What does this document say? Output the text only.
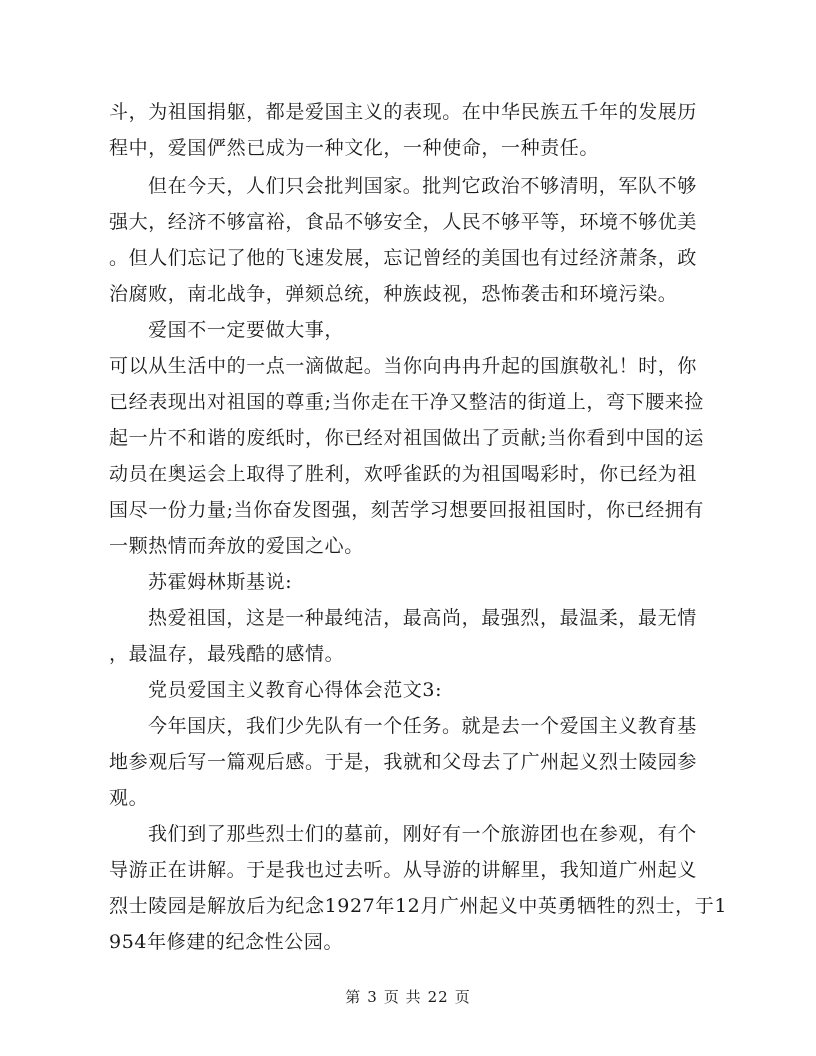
斗，为祖国捐躯，都是爱国主义的表现。在中华民族五千年的发展历
程中，爱国俨然已成为一种文化，一种使命，一种责任。
但在今天，人们只会批判国家。批判它政治不够清明，军队不够
强大，经济不够富裕，食品不够安全，人民不够平等，环境不够优美
。但人们忘记了他的飞速发展，忘记曾经的美国也有过经济萧条，政
治腐败，南北战争，弹颏总统，种族歧视，恐怖袭击和环境污染。
爱国不一定要做大事，
可以从生活中的一点一滴做起。当你向冉冉升起的国旗敬礼！时，你
已经表现出对祖国的尊重;当你走在干净又整洁的街道上，弯下腰来捡
起一片不和谐的废纸时，你已经对祖国做出了贡献;当你看到中国的运
动员在奥运会上取得了胜利，欢呼雀跃的为祖国喝彩时，你已经为祖
国尽一份力量;当你奋发图强，刻苦学习想要回报祖国时，你已经拥有
一颗热情而奔放的爱国之心。
苏霍姆林斯基说:
热爱祖国，这是一种最纯洁，最高尚，最强烈，最温柔，最无情
，最温存，最残酷的感情。
党员爱国主义教育心得体会范文3:
今年国庆，我们少先队有一个任务。就是去一个爱国主义教育基
地参观后写一篇观后感。于是，我就和父母去了广州起义烈士陵园参
观。
我们到了那些烈士们的墓前，刚好有一个旅游团也在参观，有个
导游正在讲解。于是我也过去听。从导游的讲解里，我知道广州起义
烈士陵园是解放后为纪念1927年12月广州起义中英勇牺牲的烈士，于1
954年修建的纪念性公园。
第 3 页 共 22 页
